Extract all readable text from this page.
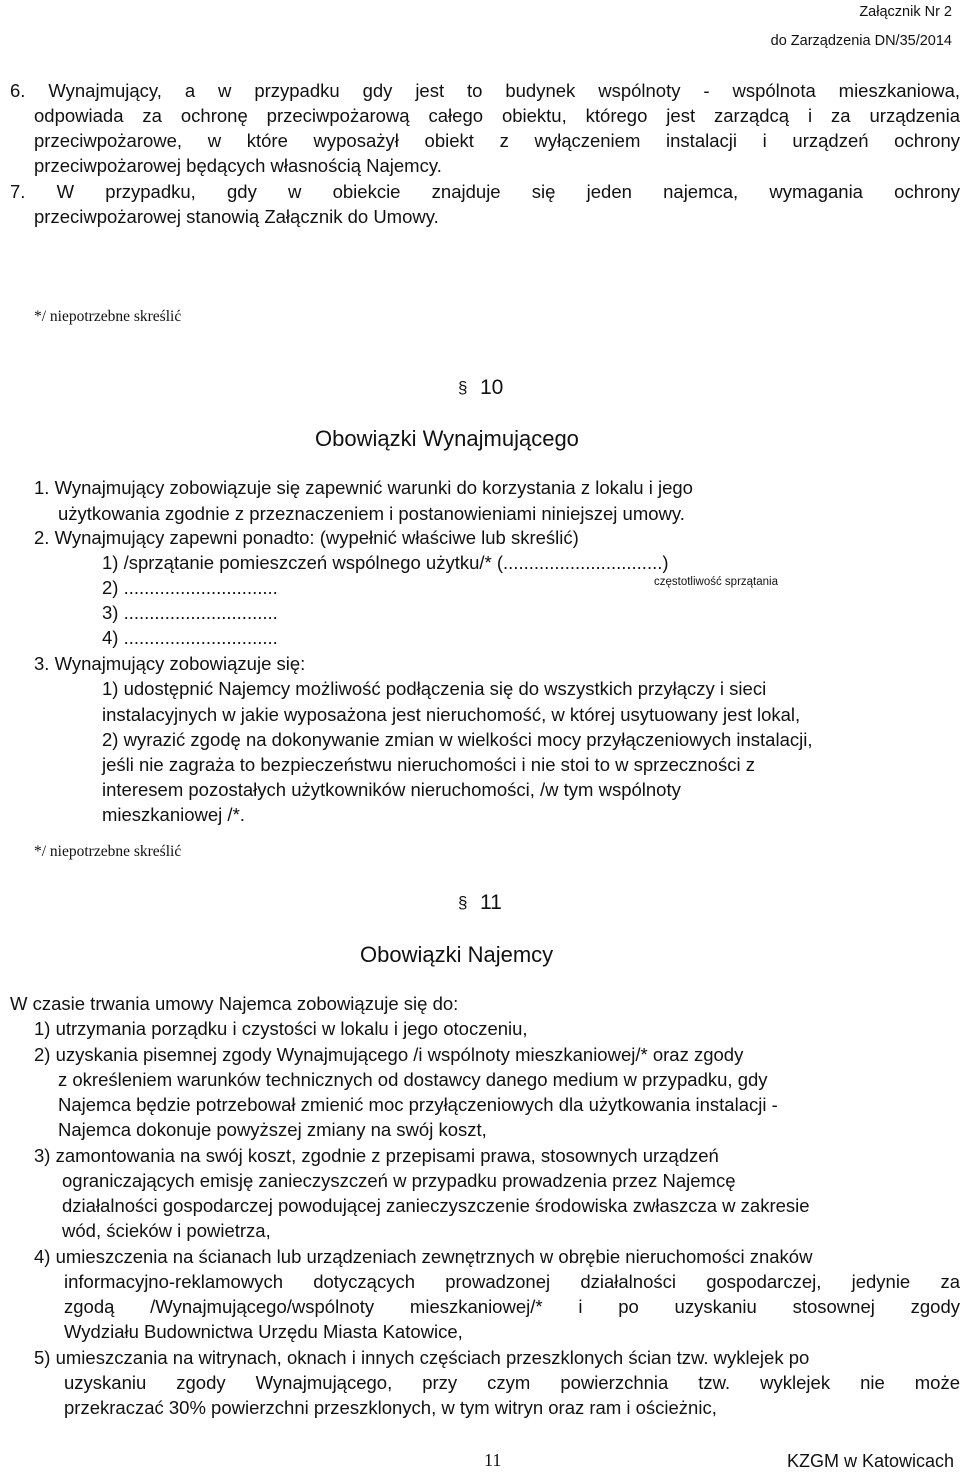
Załącznik Nr 2
do Zarządzenia DN/35/2014
6. Wynajmujący, a w przypadku gdy jest to budynek wspólnoty - wspólnota mieszkaniowa,
odpowiada za ochronę przeciwpożarową całego obiektu, którego jest zarządcą i za urządzenia
przeciwpożarowe, w które wyposażył obiekt z wyłączeniem instalacji i urządzeń ochrony
przeciwpożarowej będących własnością Najemcy.
7. W przypadku, gdy w obiekcie znajduje się jeden najemca, wymagania ochrony
przeciwpożarowej stanowią Załącznik do Umowy.
*/ niepotrzebne skreślić
§ 10
Obowiązki Wynajmującego
1. Wynajmujący zobowiązuje się zapewnić warunki do korzystania z lokalu i jego
użytkowania zgodnie z przeznaczeniem i postanowieniami niniejszej umowy.
2. Wynajmujący zapewni ponadto: (wypełnić właściwe lub skreślić)
1) /sprzątanie pomieszczeń wspólnego użytku/* (...............................)
częstotliwość sprzątania
2) ..............................
3) ..............................
4) ..............................
3. Wynajmujący zobowiązuje się:
1) udostępnić Najemcy możliwość podłączenia się do wszystkich przyłączy i sieci
instalacyjnych w jakie wyposażona jest nieruchomość, w której usytuowany jest lokal,
2) wyrazić zgodę na dokonywanie zmian w wielkości mocy przyłączeniowych instalacji,
jeśli nie zagraża to bezpieczeństwu nieruchomości i nie stoi to w sprzeczności z
interesem pozostałych użytkowników nieruchomości, /w tym wspólnoty
mieszkaniowej /*.
*/ niepotrzebne skreślić
§ 11
Obowiązki Najemcy
W czasie trwania umowy Najemca zobowiązuje się do:
1) utrzymania porządku i czystości w lokalu i jego otoczeniu,
2) uzyskania pisemnej zgody Wynajmującego /i wspólnoty mieszkaniowej/* oraz zgody
z określeniem warunków technicznych od dostawcy danego medium w przypadku, gdy
Najemca będzie potrzebował zmienić moc przyłączeniowych dla użytkowania instalacji -
Najemca dokonuje powyższej zmiany na swój koszt,
3) zamontowania na swój koszt, zgodnie z przepisami prawa, stosownych urządzeń
ograniczających emisję zanieczyszczeń w przypadku prowadzenia przez Najemcę
działalności gospodarczej powodującej zanieczyszczenie środowiska zwłaszcza w zakresie
wód, ścieków i powietrza,
4) umieszczenia na ścianach lub urządzeniach zewnętrznych w obrębie nieruchomości znaków
informacyjno-reklamowych dotyczących prowadzonej działalności gospodarczej, jedynie za
zgodą /Wynajmującego/wspólnoty mieszkaniowej/* i po uzyskaniu stosownej zgody
Wydziału Budownictwa Urzędu Miasta Katowice,
5) umieszczania na witrynach, oknach i innych częściach przeszklonych ścian tzw. wyklejek po
uzyskaniu zgody Wynajmującego, przy czym powierzchnia tzw. wyklejek nie może
przekraczać 30% powierzchni przeszklonych, w tym witryn oraz ram i ościeżnic,
11	KZGM w Katowicach
